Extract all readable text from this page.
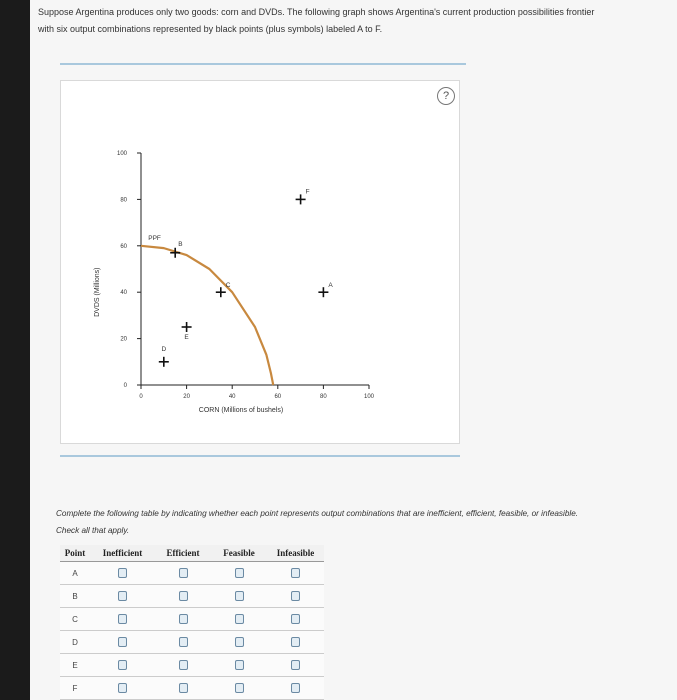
Suppose Argentina produces only two goods: corn and DVDs. The following graph shows Argentina's current production possibilities frontier
with six output combinations represented by black points (plus symbols) labeled A to F.
0	20	40	60	80	100
0
20
40
60
80
100
CORN (Millions of bushels)
DVDS (Millions)
PPF
A
B
C
D
E
F
?
Complete the following table by indicating whether each point represents output combinations that are inefficient, efficient, feasible, or infeasible.
Check all that apply.
Point	Inefficient	Efficient	Feasible	Infeasible
A				
B				
C				
D				
E				
F				
